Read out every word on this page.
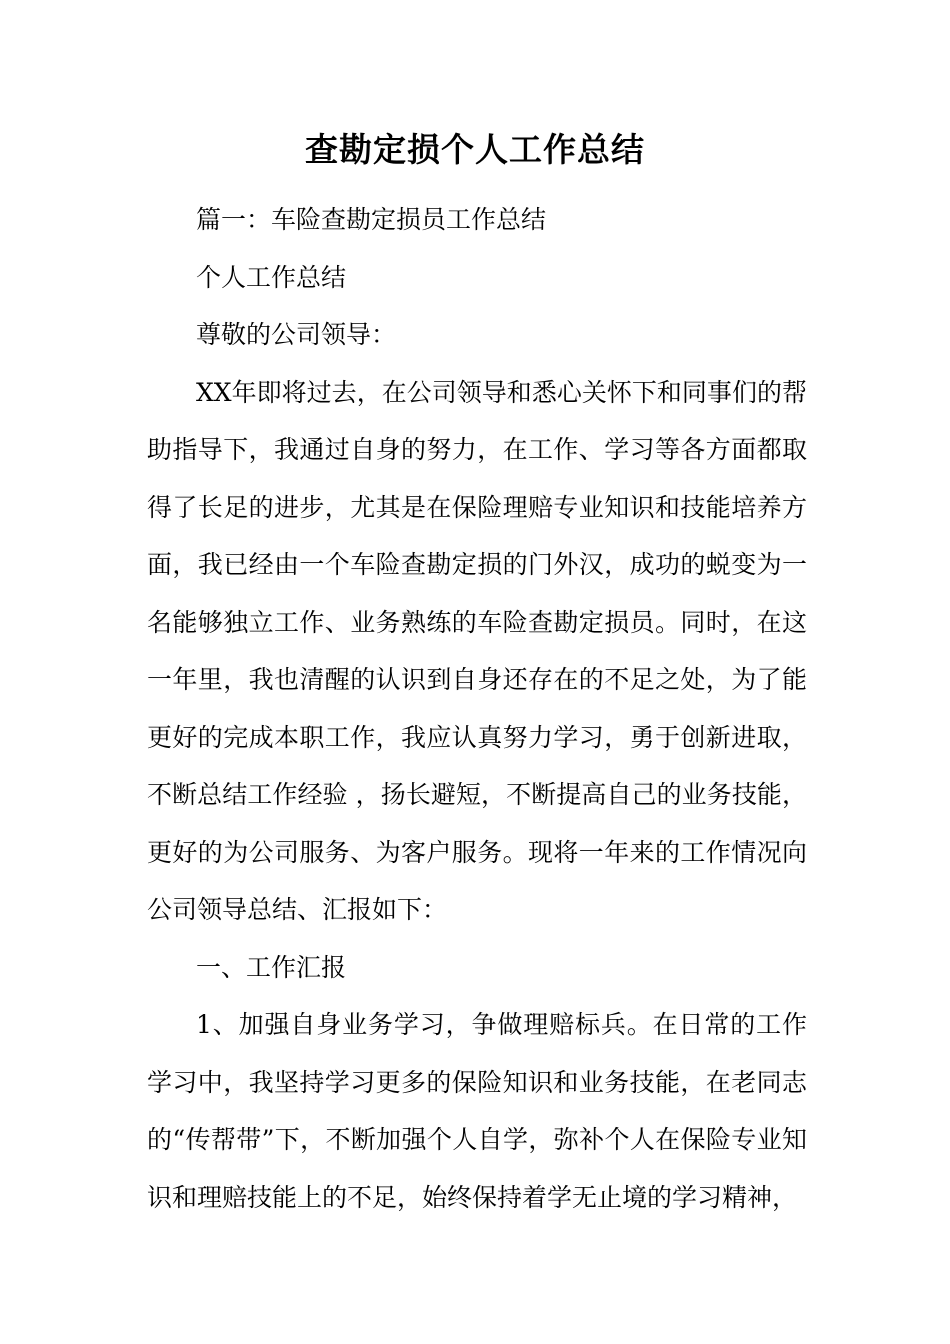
查勘定损个人工作总结

篇一：车险查勘定损员工作总结

个人工作总结

尊敬的公司领导：

XX年即将过去，在公司领导和悉心关怀下和同事们的帮助指导下，我通过自身的努力，在工作、学习等各方面都取得了长足的进步，尤其是在保险理赔专业知识和技能培养方面，我已经由一个车险查勘定损的门外汉，成功的蜕变为一名能够独立工作、业务熟练的车险查勘定损员。同时，在这一年里，我也清醒的认识到自身还存在的不足之处，为了能更好的完成本职工作，我应认真努力学习，勇于创新进取，不断总结工作经验 ，扬长避短，不断提高自己的业务技能，更好的为公司服务、为客户服务。现将一年来的工作情况向公司领导总结、汇报如下：

一、工作汇报

1、加强自身业务学习，争做理赔标兵。在日常的工作学习中，我坚持学习更多的保险知识和业务技能，在老同志的“传帮带”下，不断加强个人自学，弥补个人在保险专业知识和理赔技能上的不足，始终保持着学无止境的学习精神，
